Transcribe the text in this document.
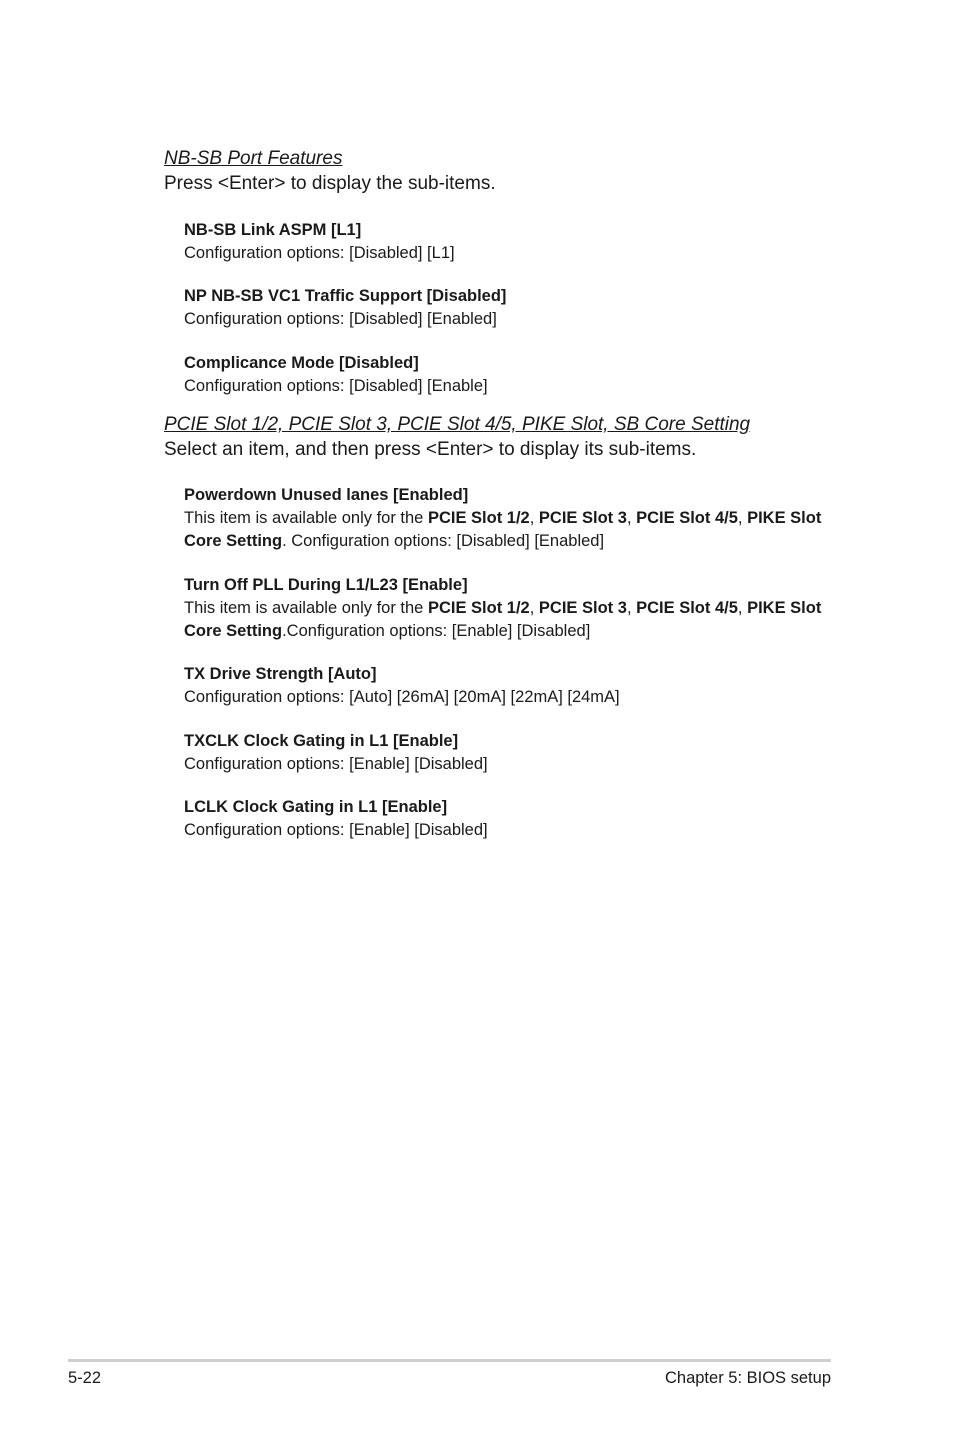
NB-SB Port Features
Press <Enter> to display the sub-items.
NB-SB Link ASPM [L1]
Configuration options: [Disabled] [L1]
NP NB-SB VC1 Traffic Support [Disabled]
Configuration options: [Disabled] [Enabled]
Complicance Mode [Disabled]
Configuration options: [Disabled] [Enable]
PCIE Slot 1/2, PCIE Slot 3, PCIE Slot 4/5, PIKE Slot, SB Core Setting
Select an item, and then press <Enter> to display its sub-items.
Powerdown Unused lanes [Enabled]
This item is available only for the PCIE Slot 1/2, PCIE Slot 3, PCIE Slot 4/5, PIKE Slot Core Setting. Configuration options: [Disabled] [Enabled]
Turn Off PLL During L1/L23 [Enable]
This item is available only for the PCIE Slot 1/2, PCIE Slot 3, PCIE Slot 4/5, PIKE Slot Core Setting.Configuration options: [Enable] [Disabled]
TX Drive Strength [Auto]
Configuration options: [Auto] [26mA] [20mA] [22mA] [24mA]
TXCLK Clock Gating in L1 [Enable]
Configuration options: [Enable] [Disabled]
LCLK Clock Gating in L1 [Enable]
Configuration options: [Enable] [Disabled]
5-22	Chapter 5: BIOS setup
